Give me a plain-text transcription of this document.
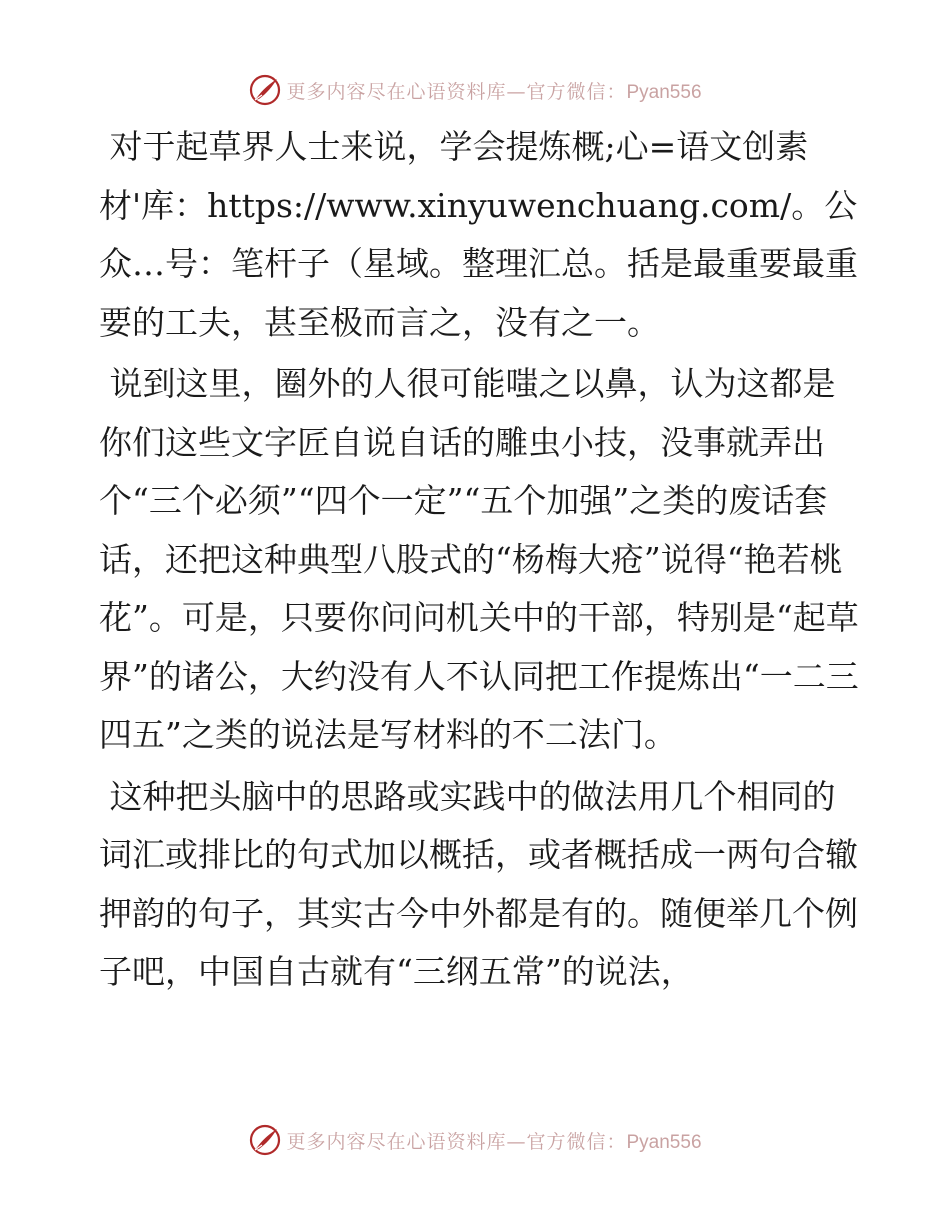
更多内容尽在心语资料库—官方微信：Pyan556

对于起草界人士来说，学会提炼概;心=语文创素材'库：https://www.xinyuwenchuang.com/。公众…号：笔杆子（星域。整理汇总。括是最重要最重要的工夫，甚至极而言之，没有之一。

说到这里，圈外的人很可能嗤之以鼻，认为这都是你们这些文字匠自说自话的雕虫小技，没事就弄出个“三个必须”“四个一定”“五个加强”之类的废话套话，还把这种典型八股式的“杨梅大疮”说得“艳若桃花”。可是，只要你问问机关中的干部，特别是“起草界”的诸公，大约没有人不认同把工作提炼出“一二三四五”之类的说法是写材料的不二法门。

这种把头脑中的思路或实践中的做法用几个相同的词汇或排比的句式加以概括，或者概括成一两句合辙押韵的句子，其实古今中外都是有的。随便举几个例子吧，中国自古就有“三纲五常”的说法，

更多内容尽在心语资料库—官方微信：Pyan556
